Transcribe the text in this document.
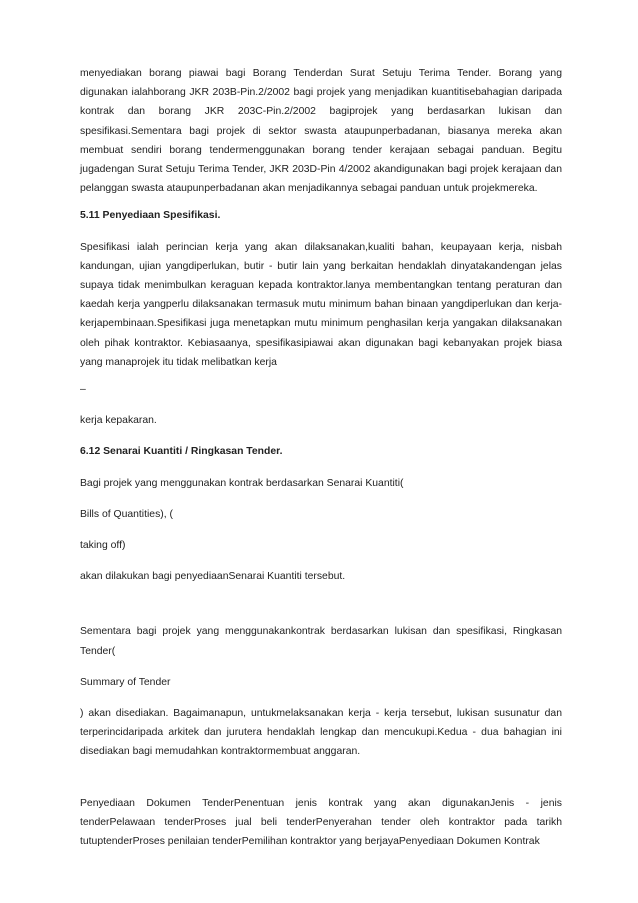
menyediakan borang piawai bagi Borang Tenderdan Surat Setuju Terima Tender. Borang yang digunakan ialahborang JKR 203B-Pin.2/2002 bagi projek yang menjadikan kuantitisebahagian daripada kontrak dan borang JKR 203C-Pin.2/2002 bagiprojek yang berdasarkan lukisan dan spesifikasi.Sementara bagi projek di sektor swasta ataupunperbadanan, biasanya mereka akan membuat sendiri borang tendermenggunakan borang tender kerajaan sebagai panduan. Begitu jugadengan Surat Setuju Terima Tender, JKR 203D-Pin 4/2002 akandigunakan bagi projek kerajaan dan pelanggan swasta ataupunperbadanan akan menjadikannya sebagai panduan untuk projekmereka.

5.11 Penyediaan Spesifikasi.

Spesifikasi ialah perincian kerja yang akan dilaksanakan,kualiti bahan, keupayaan kerja, nisbah kandungan, ujian yangdiperlukan, butir - butir lain yang berkaitan hendaklah dinyatakandengan jelas supaya tidak menimbulkan keraguan kepada kontraktor.lanya membentangkan tentang peraturan dan kaedah kerja yangperlu dilaksanakan termasuk mutu minimum bahan binaan yangdiperlukan dan kerja-kerjapembinaan.Spesifikasi juga menetapkan mutu minimum penghasilan kerja yangakan dilaksanakan oleh pihak kontraktor. Kebiasaanya, spesifikasipiawai akan digunakan bagi kebanyakan projek biasa yang manaprojek itu tidak melibatkan kerja

–

kerja kepakaran.

6.12 Senarai Kuantiti / Ringkasan Tender.

Bagi projek yang menggunakan kontrak berdasarkan Senarai Kuantiti(

Bills of Quantities), (

taking off)

akan dilakukan bagi penyediaanSenarai Kuantiti tersebut.

Sementara bagi projek yang menggunakankontrak berdasarkan lukisan dan spesifikasi, Ringkasan Tender(

Summary of Tender

) akan disediakan. Bagaimanapun, untukmelaksanakan kerja - kerja tersebut, lukisan susunatur dan terperincidaripada arkitek dan jurutera hendaklah lengkap dan mencukupi.Kedua - dua bahagian ini disediakan bagi memudahkan kontraktormembuat anggaran.

Penyediaan Dokumen TenderPenentuan jenis kontrak yang akan digunakanJenis - jenis tenderPelawaan tenderProses jual beli tenderPenyerahan tender oleh kontraktor pada tarikh tutuptenderProses penilaian tenderPemilihan kontraktor yang berjayaPenyediaan Dokumen Kontrak
